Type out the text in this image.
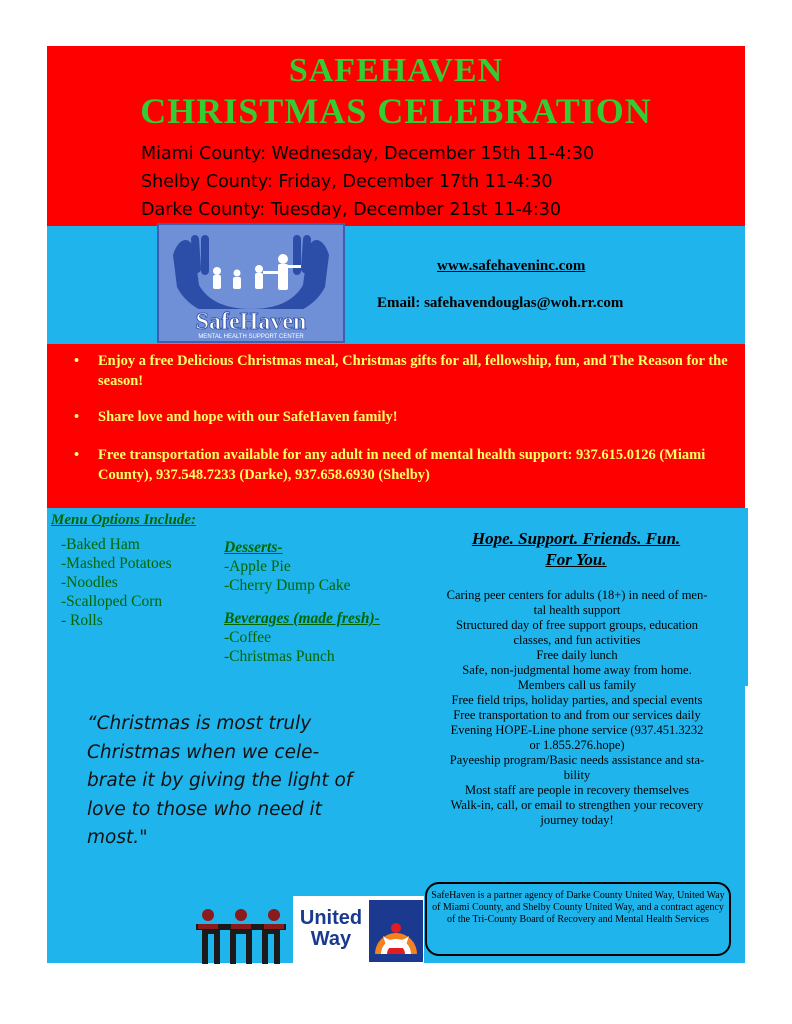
SAFEHAVEN
CHRISTMAS CELEBRATION
Miami County: Wednesday, December 15th 11-4:30
Shelby County: Friday, December 17th 11-4:30
Darke County: Tuesday, December 21st 11-4:30
SafeHaven
MENTAL HEALTH SUPPORT CENTER
www.safehaveninc.com
Email: safehavendouglas@woh.rr.com
•	Enjoy a free Delicious Christmas meal, Christmas gifts for all, fellowship, fun, and The Reason for the season!
•	Share love and hope with our SafeHaven family!
•	Free transportation available for any adult in need of mental health support: 937.615.0126 (Miami County), 937.548.7233 (Darke), 937.658.6930 (Shelby)
Menu Options Include:
-Baked Ham
-Mashed Potatoes
-Noodles
-Scalloped Corn
- Rolls
Desserts-
-Apple Pie
-Cherry Dump Cake
Beverages (made fresh)-
-Coffee
-Christmas Punch
Hope. Support. Friends. Fun.
For You.
Caring peer centers for adults (18+) in need of men-
tal health support
Structured day of free support groups, education
classes, and fun activities
Free daily lunch
Safe, non-judgmental home away from home.
Members call us family
Free field trips, holiday parties, and special events
Free transportation to and from our services daily
Evening HOPE-Line phone service (937.451.3232
or 1.855.276.hope)
Payeeship program/Basic needs assistance and sta-
bility
Most staff are people in recovery themselves
Walk-in, call, or email to strengthen your recovery
journey today!
“Christmas is most truly
Christmas when we cele-
brate it by giving the light of
love to those who need it
most."
SafeHaven is a partner agency of Darke County United Way, United Way of Miami County, and Shelby County United Way, and a contract agency of the Tri-County Board of Recovery and Mental Health Services
United
Way
